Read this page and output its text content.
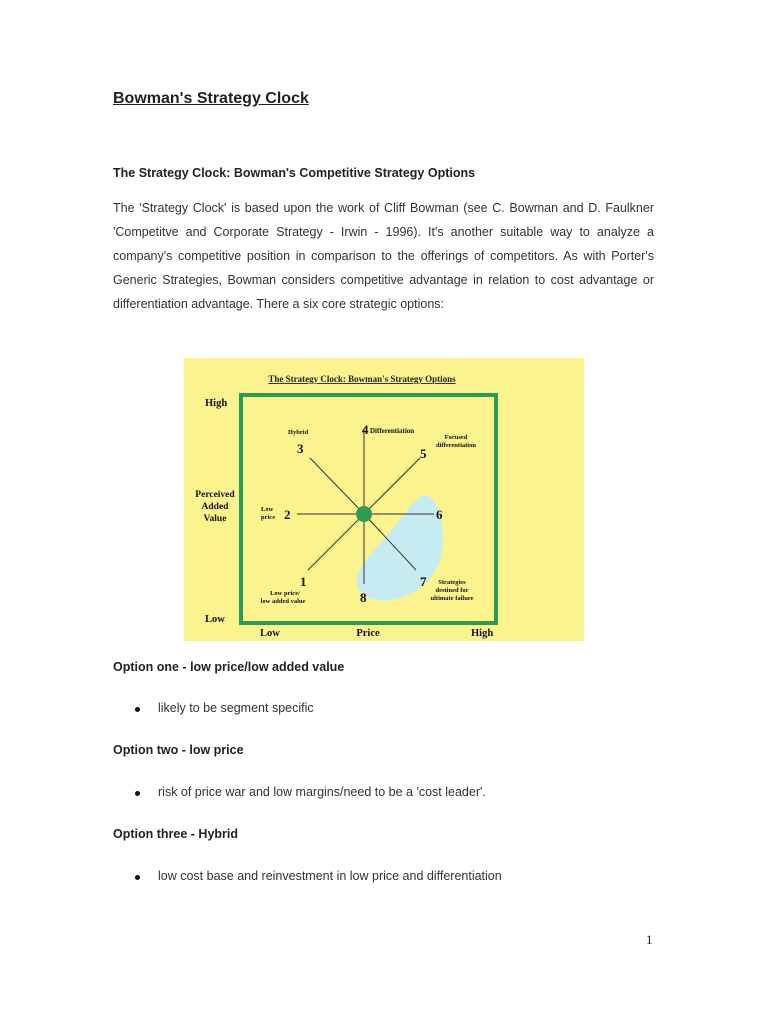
Bowman's Strategy Clock
The Strategy Clock: Bowman's Competitive Strategy Options

The 'Strategy Clock' is based upon the work of Cliff Bowman (see C. Bowman and D. Faulkner 'Competitve and Corporate Strategy - Irwin - 1996). It's another suitable way to analyze a company's competitive position in comparison to the offerings of competitors. As with Porter's Generic Strategies, Bowman considers competitive advantage in relation to cost advantage or differentiation advantage. There a six core strategic options:

The Strategy Clock: Bowman's Strategy Options
4 Differentiation
Hybrid
3
Focused
differentiation
5
Low
price 2	6
1
Low price/
low added value	8
7 Strategies
destined for
ultimate failure
High
Perceived
Added
Value
Low
Low	Price	High
Option one - low price/low added value
likely to be segment specific
Option two - low price
risk of price war and low margins/need to be a 'cost leader'.
Option three - Hybrid
low cost base and reinvestment in low price and differentiation
1
